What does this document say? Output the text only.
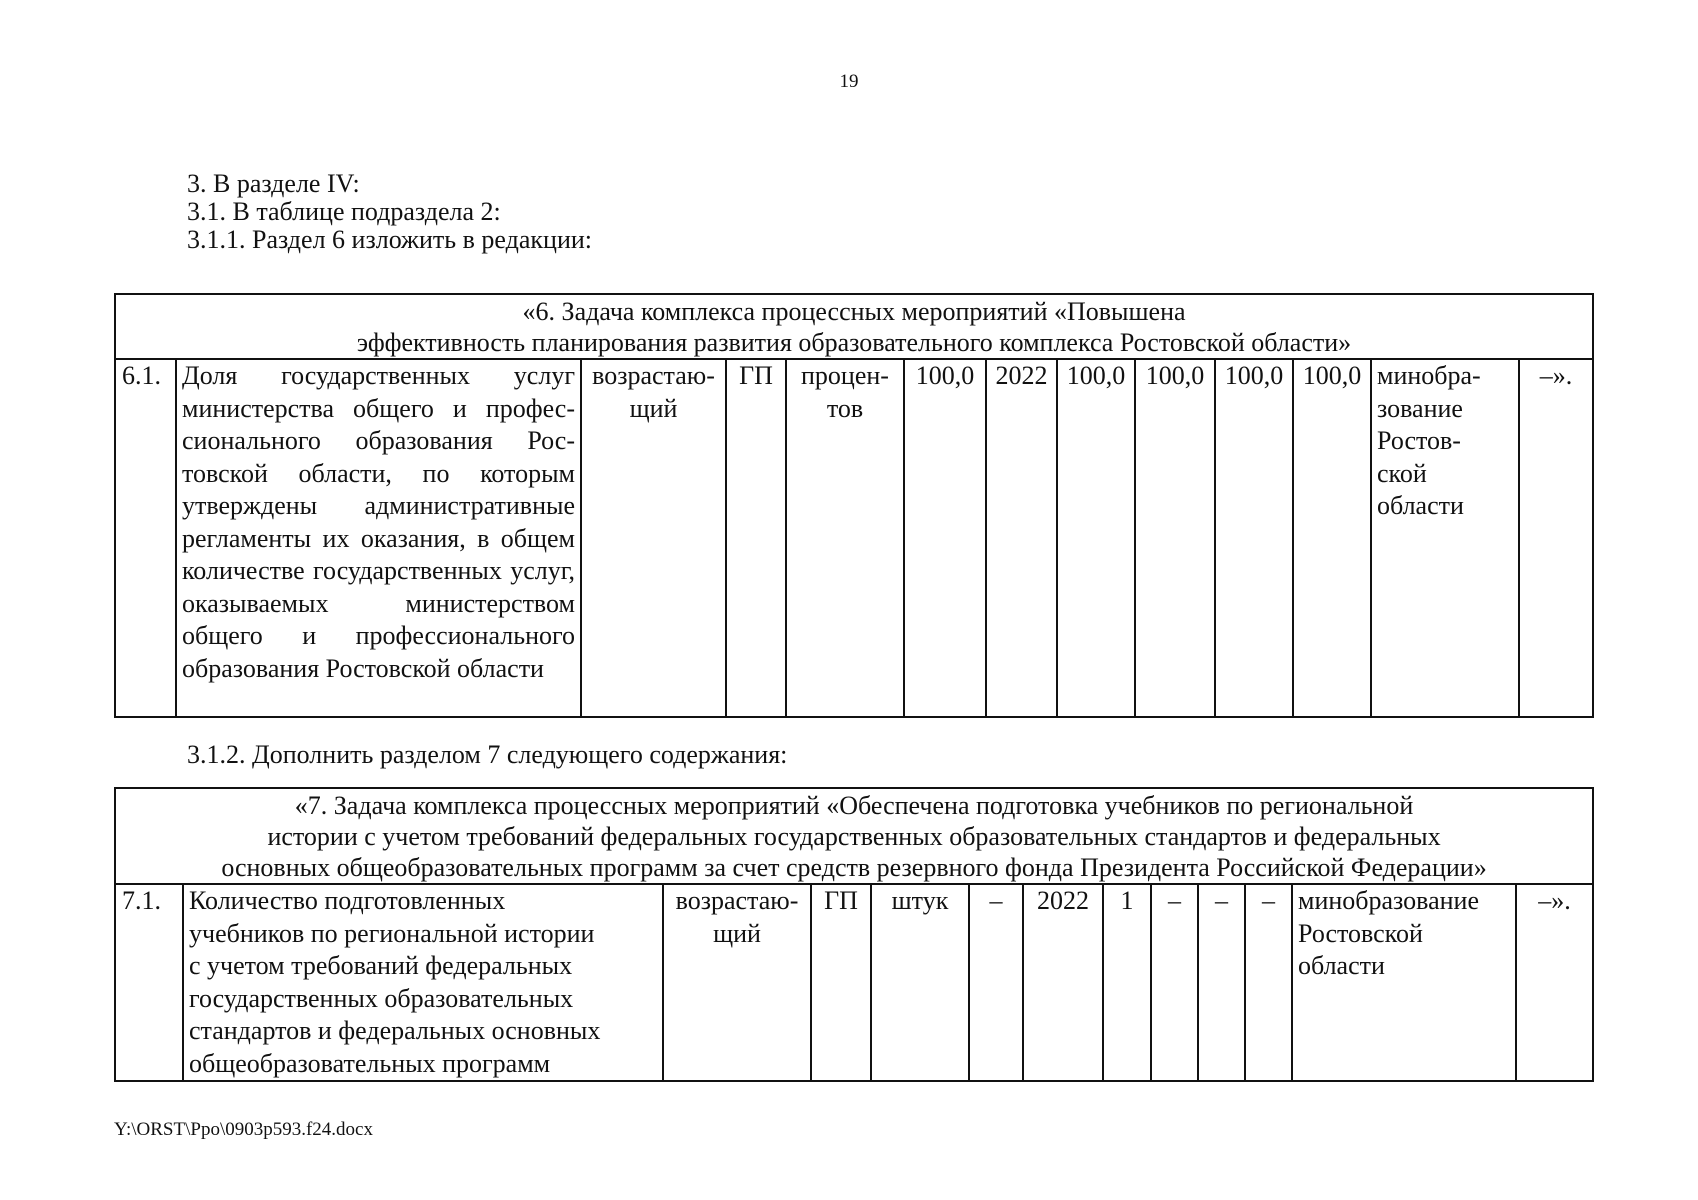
19
3. В разделе IV:
3.1. В таблице подраздела 2:
3.1.1. Раздел 6 изложить в редакции:
«6. Задача комплекса процессных мероприятий «Повышена
эффективность планирования развития образовательного комплекса Ростовской области»

6.1.	Доля государственных услуг министерства общего и профессионального образования Ростовской области, по которым утверждены административные регламенты их оказания, в общем количестве государственных услуг, оказываемых министерством общего и профессионального образования Ростовской области	возрастаю-
щий	ГП	процен-
тов	100,0	2022	100,0	100,0	100,0	100,0	минобра-
зование
Ростов-
ской
области	–».
3.1.2. Дополнить разделом 7 следующего содержания:
«7. Задача комплекса процессных мероприятий «Обеспечена подготовка учебников по региональной
истории с учетом требований федеральных государственных образовательных стандартов и федеральных
основных общеобразовательных программ за счет средств резервного фонда Президента Российской Федерации»

7.1.	Количество подготовленных
учебников по региональной истории
с учетом требований федеральных
государственных образовательных
стандартов и федеральных основных
общеобразовательных программ	возрастаю-
щий	ГП	штук	–	2022	1	–	–	–	минобразование
Ростовской
области	–».
Y:\ORST\Ppo\0903p593.f24.docx
